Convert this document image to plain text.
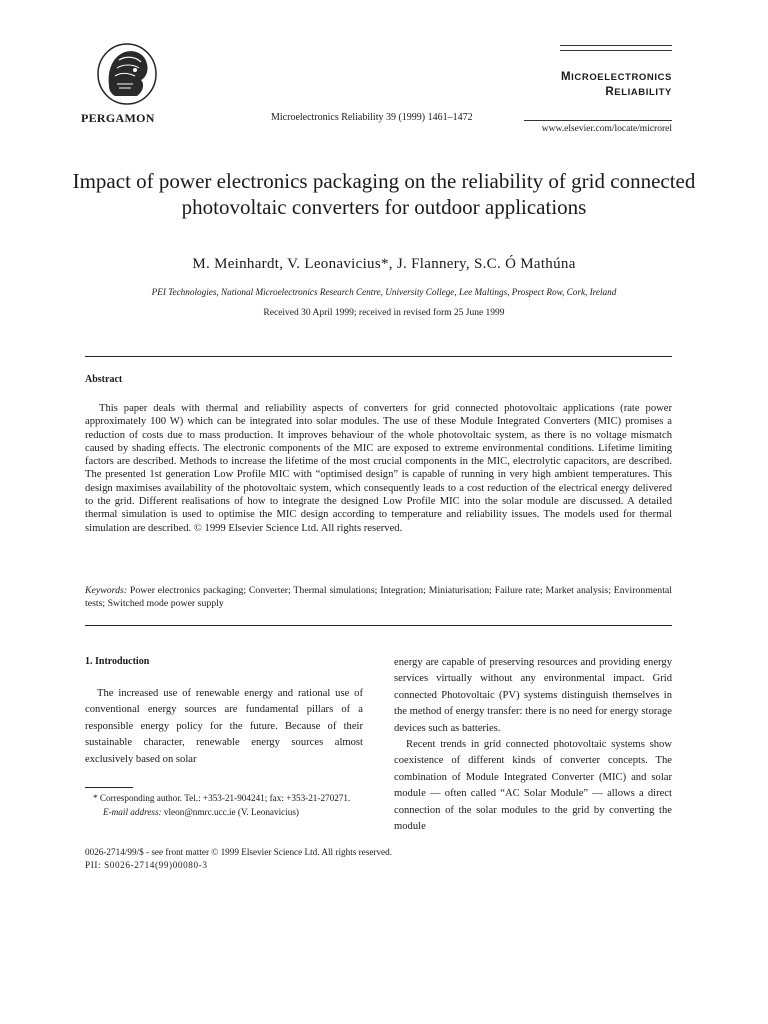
PERGAMON	Microelectronics Reliability 39 (1999) 1461–1472
MICROELECTRONICS
RELIABILITY
www.elsevier.com/locate/microrel
Impact of power electronics packaging on the reliability of grid connected photovoltaic converters for outdoor applications
M. Meinhardt, V. Leonavicius*, J. Flannery, S.C. Ó Mathúna
PEI Technologies, National Microelectronics Research Centre, University College, Lee Maltings, Prospect Row, Cork, Ireland
Received 30 April 1999; received in revised form 25 June 1999
Abstract
This paper deals with thermal and reliability aspects of converters for grid connected photovoltaic applications (rate power approximately 100 W) which can be integrated into solar modules. The use of these Module Integrated Converters (MIC) promises a reduction of costs due to mass production. It improves behaviour of the whole photovoltaic system, as there is no voltage mismatch caused by shading effects. The electronic components of the MIC are exposed to extreme environmental conditions. Lifetime limiting factors are described. Methods to increase the lifetime of the most crucial components in the MIC, electrolytic capacitors, are described. The presented 1st generation Low Profile MIC with “optimised design” is capable of running in very high ambient temperatures. This design maximises availability of the photovoltaic system, which consequently leads to a cost reduction of the electrical energy delivered to the grid. Different realisations of how to integrate the designed Low Profile MIC into the solar module are discussed. A detailed thermal simulation is used to optimise the MIC design according to temperature and reliability issues. The models used for thermal simulation are described. © 1999 Elsevier Science Ltd. All rights reserved.
Keywords: Power electronics packaging; Converter; Thermal simulations; Integration; Miniaturisation; Failure rate; Market analysis; Environmental tests; Switched mode power supply
1. Introduction
The increased use of renewable energy and rational use of conventional energy sources are fundamental pillars of a responsible energy policy for the future. Because of their sustainable character, renewable energy sources almost exclusively based on solar

energy are capable of preserving resources and providing energy services virtually without any environmental impact. Grid connected Photovoltaic (PV) systems distinguish themselves in the method of energy transfer: there is no need for energy storage devices such as batteries.

Recent trends in grid connected photovoltaic systems show coexistence of different kinds of converter concepts. The combination of Module Integrated Converter (MIC) and solar module — often called “AC Solar Module” — allows a direct connection of the solar modules to the grid by converting the module

* Corresponding author. Tel.: +353-21-904241; fax: +353-21-270271.
E-mail address: vleon@nmrc.ucc.ie (V. Leonavicius)
0026-2714/99/$ - see front matter © 1999 Elsevier Science Ltd. All rights reserved.
PII: S0026-2714(99)00080-3
